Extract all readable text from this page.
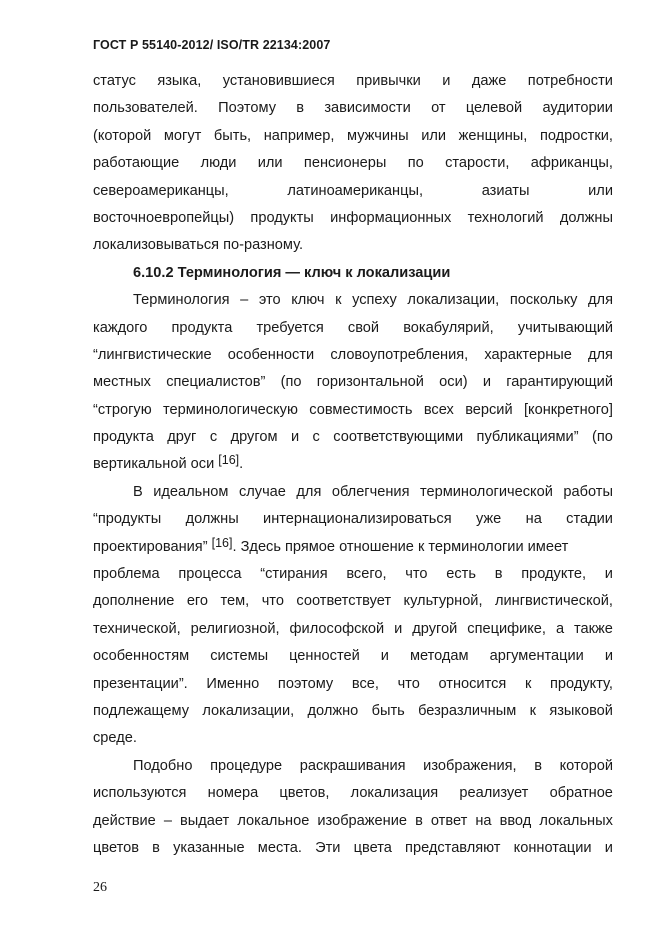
ГОСТ Р 55140-2012/ ISO/TR 22134:2007
статус языка, установившиеся привычки и даже потребности
пользователей. Поэтому в зависимости от целевой аудитории
(которой могут быть, например, мужчины или женщины, подростки,
работающие люди или пенсионеры по старости, африканцы,
североамериканцы,	латиноамериканцы,	азиаты	или
восточноевропейцы) продукты информационных технологий должны
локализовываться по-разному.
6.10.2 Терминология — ключ к локализации
Терминология – это ключ к успеху локализации, поскольку для
каждого продукта требуется свой вокабулярий, учитывающий
“лингвистические особенности словоупотребления, характерные для
местных специалистов” (по горизонтальной оси) и гарантирующий
“строгую терминологическую совместимость всех версий [конкретного]
продукта друг с другом и с соответствующими публикациями” (по
вертикальной оси [16].
В идеальном случае для облегчения терминологической работы
“продукты должны интернационализироваться уже на стадии
проектирования” [16]. Здесь прямое отношение к терминологии имеет
проблема процесса “стирания всего, что есть в продукте, и
дополнение его тем, что соответствует культурной, лингвистической,
технической, религиозной, философской и другой специфике, а также
особенностям системы ценностей и методам аргументации и
презентации”. Именно поэтому все, что относится к продукту,
подлежащему локализации, должно быть безразличным к языковой
среде.
Подобно процедуре раскрашивания изображения, в которой
используются номера цветов, локализация реализует обратное
действие – выдает локальное изображение в ответ на ввод локальных
цветов в указанные места. Эти цвета представляют коннотации и
26
